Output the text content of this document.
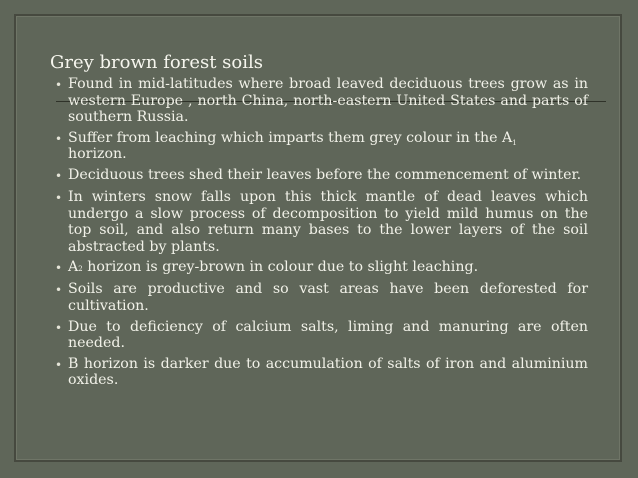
Grey brown forest soils
• Found in mid-latitudes where broad leaved deciduous trees grow as in western Europe , north China, north-eastern United States and parts of southern Russia.
• Suffer from leaching which imparts them grey colour in the $A_1$
horizon.
• Deciduous trees shed their leaves before the commencement of winter.
• In winters snow falls upon this thick mantle of dead leaves which undergo a slow process of decomposition to yield mild humus on the top soil, and also return many bases to the lower layers of the soil abstracted by plants.
• A 2 horizon is grey-brown in colour due to slight leaching.
• Soils are productive and so vast areas have been deforested for cultivation.
• Due to deficiency of calcium salts, liming and manuring are often needed.
• B horizon is darker due to accumulation of salts of iron and aluminium oxides.
